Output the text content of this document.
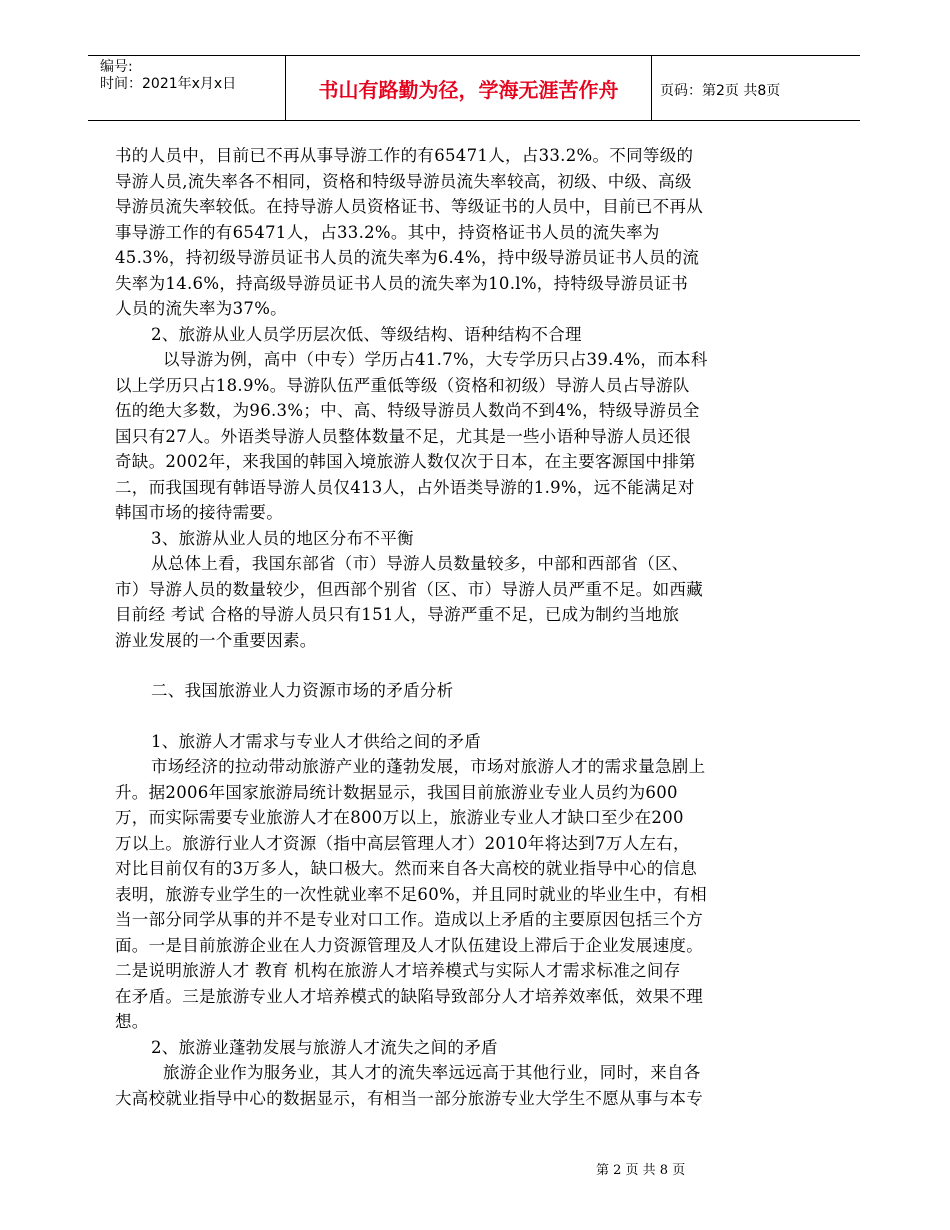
编号:
时间：2021年x月x日	书山有路勤为径，学海无涯苦作舟	页码：第2页 共8页

书的人员中，目前已不再从事导游工作的有65471人，占33.2%。不同等级的

导游人员,流失率各不相同，资格和特级导游员流失率较高，初级、中级、高级

导游员流失率较低。在持导游人员资格证书、等级证书的人员中，目前已不再从

事导游工作的有65471人，占33.2%。其中，持资格证书人员的流失率为

45.3%，持初级导游员证书人员的流失率为6.4%，持中级导游员证书人员的流

失率为14.6%，持高级导游员证书人员的流失率为10.l%，持特级导游员证书

人员的流失率为37%。

2、旅游从业人员学历层次低、等级结构、语种结构不合理

以导游为例，高中（中专）学历占41.7%，大专学历只占39.4%，而本科

以上学历只占18.9%。导游队伍严重低等级（资格和初级）导游人员占导游队

伍的绝大多数，为96.3%；中、高、特级导游员人数尚不到4%，特级导游员全

国只有27人。外语类导游人员整体数量不足，尤其是一些小语种导游人员还很

奇缺。2002年，来我国的韩国入境旅游人数仅次于日本，在主要客源国中排第

二，而我国现有韩语导游人员仅413人，占外语类导游的1.9%，远不能满足对

韩国市场的接待需要。

3、旅游从业人员的地区分布不平衡

从总体上看，我国东部省（市）导游人员数量较多，中部和西部省（区、

市）导游人员的数量较少，但西部个别省（区、市）导游人员严重不足。如西藏

目前经 考试 合格的导游人员只有151人，导游严重不足，已成为制约当地旅

游业发展的一个重要因素。

二、我国旅游业人力资源市场的矛盾分析

1、旅游人才需求与专业人才供给之间的矛盾

市场经济的拉动带动旅游产业的蓬勃发展，市场对旅游人才的需求量急剧上

升。据2006年国家旅游局统计数据显示，我国目前旅游业专业人员约为600

万，而实际需要专业旅游人才在800万以上，旅游业专业人才缺口至少在200

万以上。旅游行业人才资源（指中高层管理人才）2010年将达到7万人左右，

对比目前仅有的3万多人，缺口极大。然而来自各大高校的就业指导中心的信息

表明，旅游专业学生的一次性就业率不足60%，并且同时就业的毕业生中，有相

当一部分同学从事的并不是专业对口工作。造成以上矛盾的主要原因包括三个方

面。一是目前旅游企业在人力资源管理及人才队伍建设上滞后于企业发展速度。

二是说明旅游人才 教育 机构在旅游人才培养模式与实际人才需求标准之间存

在矛盾。三是旅游专业人才培养模式的缺陷导致部分人才培养效率低，效果不理

想。

2、旅游业蓬勃发展与旅游人才流失之间的矛盾

旅游企业作为服务业，其人才的流失率远远高于其他行业，同时，来自各

大高校就业指导中心的数据显示，有相当一部分旅游专业大学生不愿从事与本专

第 2 页 共 8 页
